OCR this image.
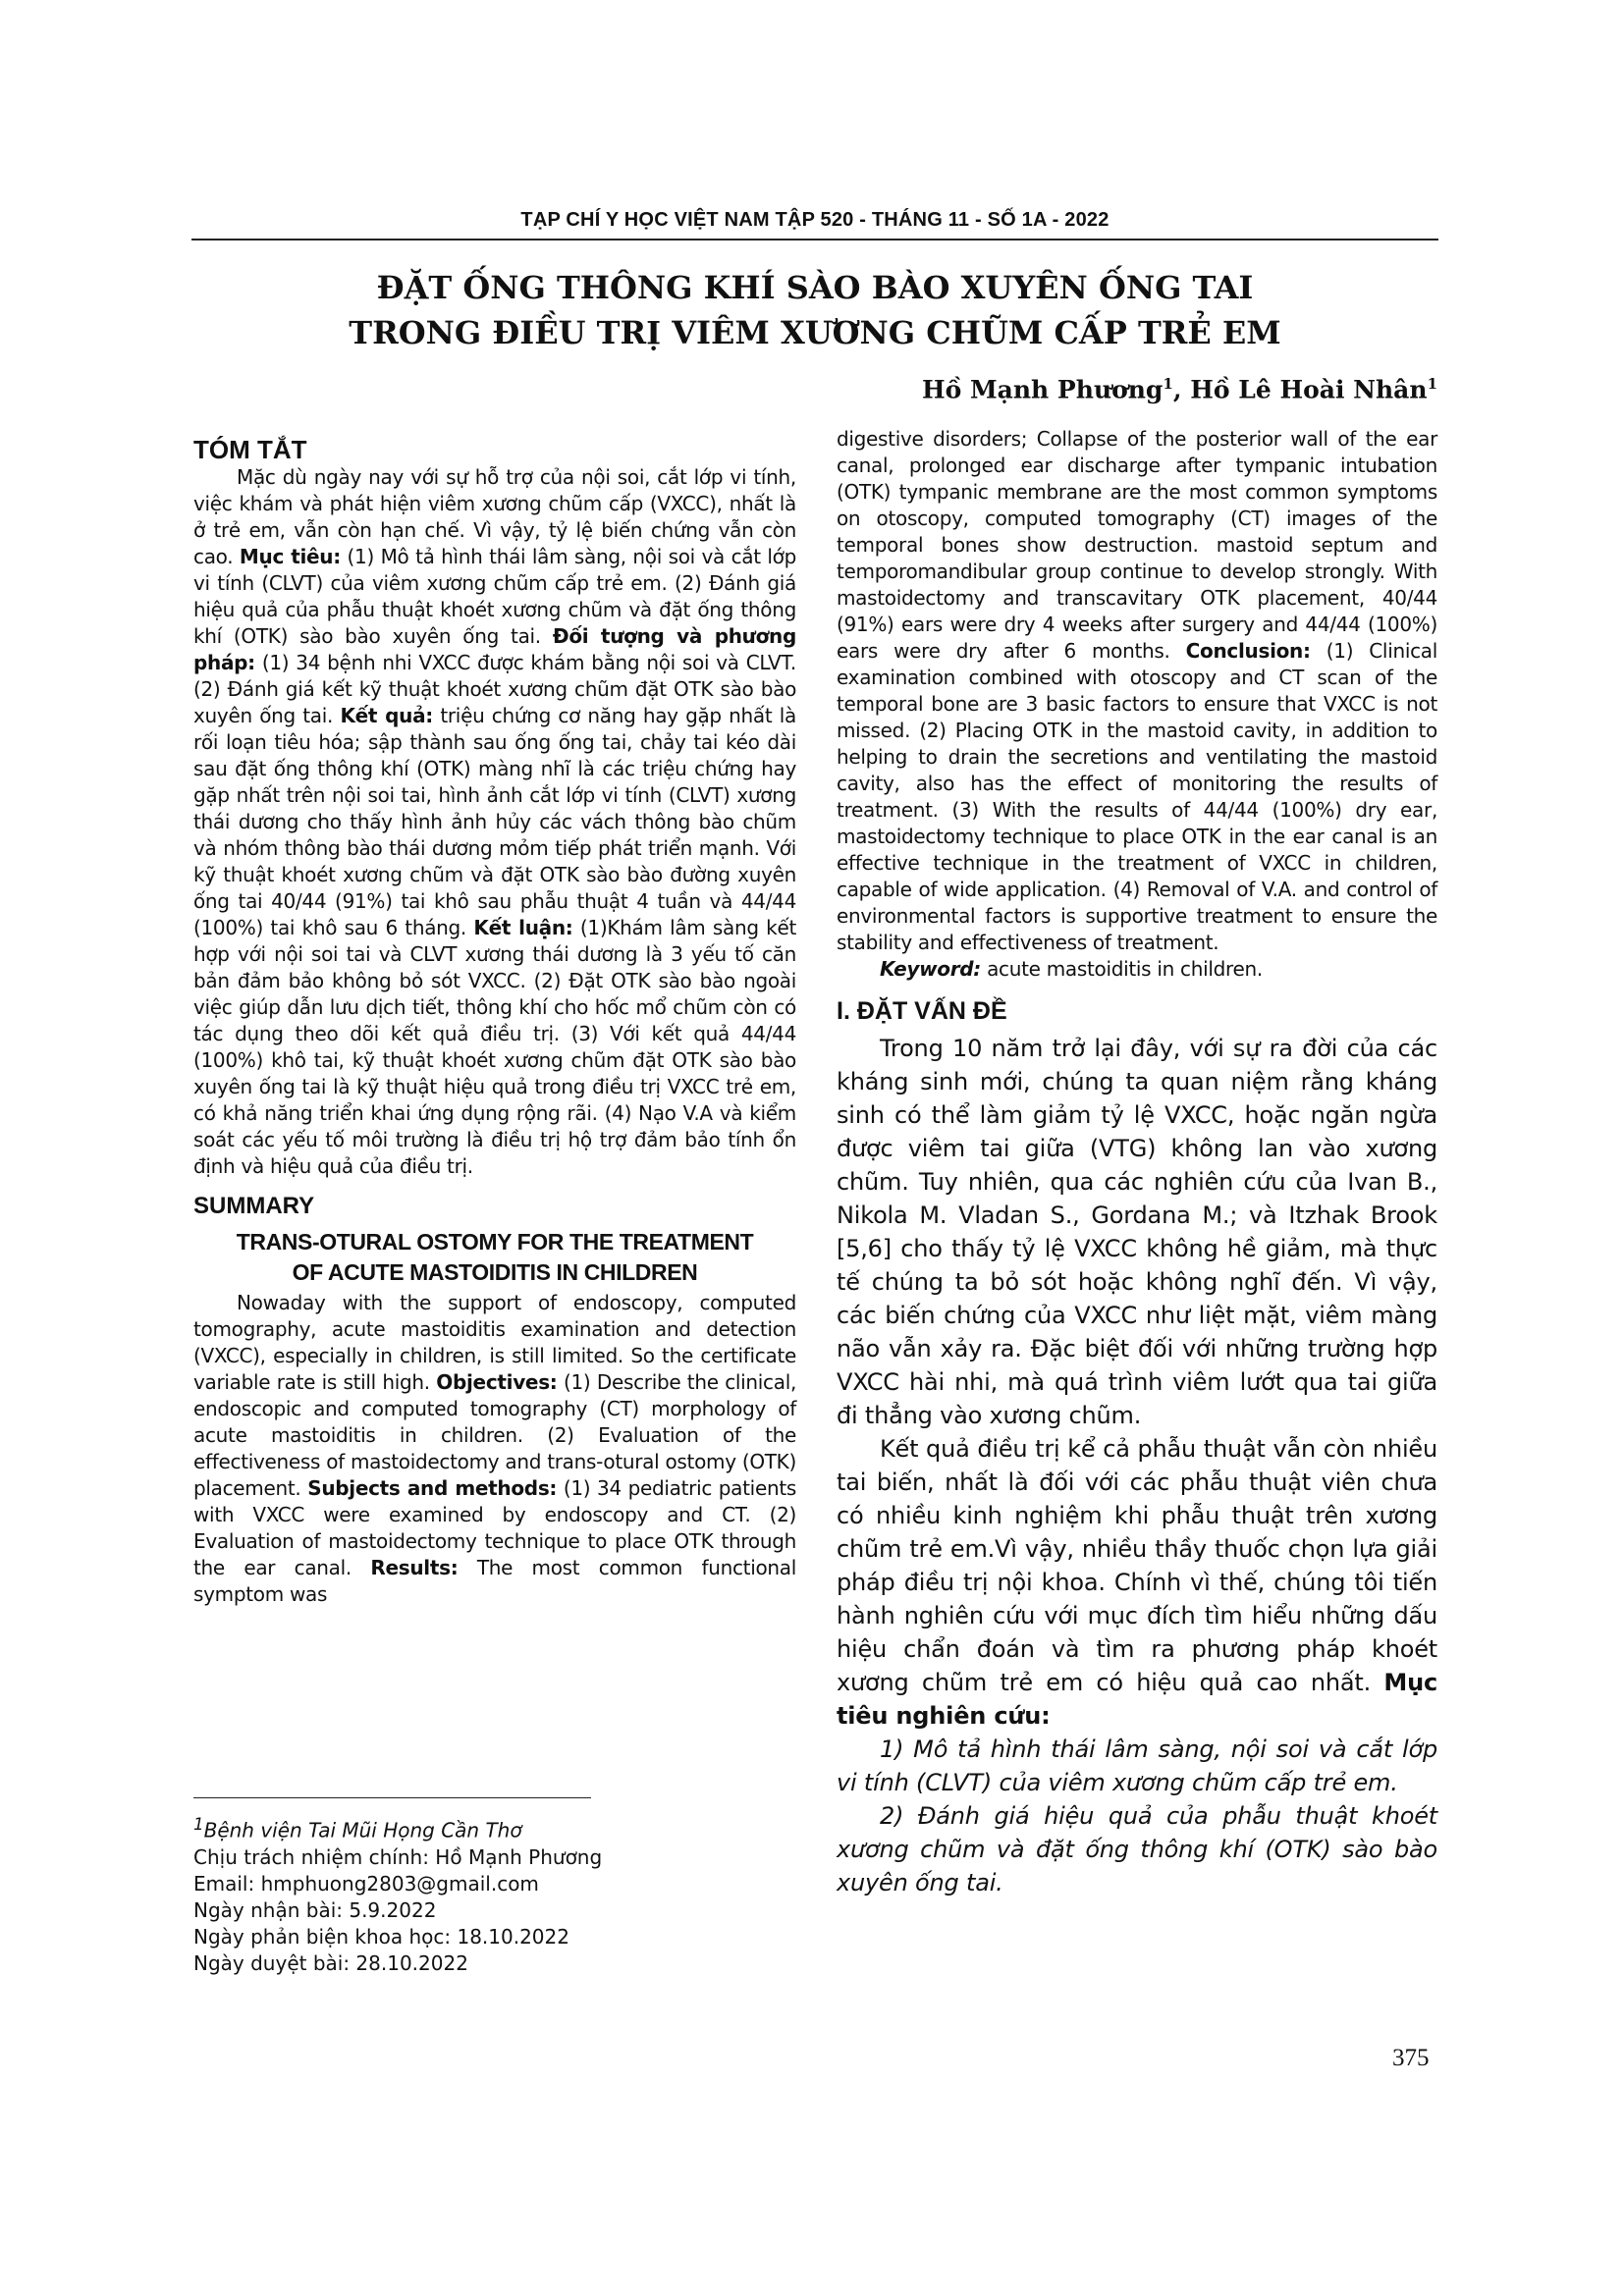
TẠP CHÍ Y HỌC VIỆT NAM TẬP 520 - THÁNG 11 - SỐ 1A - 2022
ĐẶT ỐNG THÔNG KHÍ SÀO BÀO XUYÊN ỐNG TAI
TRONG ĐIỀU TRỊ VIÊM XƯƠNG CHŨM CẤP TRẺ EM
Hồ Mạnh Phương$^1$, Hồ Lê Hoài Nhân$^1$
TÓM TẮT

Mặc dù ngày nay với sự hỗ trợ của nội soi, cắt lớp vi tính, việc khám và phát hiện viêm xương chũm cấp (VXCC), nhất là ở trẻ em, vẫn còn hạn chế. Vì vậy, tỷ lệ biến chứng vẫn còn cao. Mục tiêu: (1) Mô tả hình thái lâm sàng, nội soi và cắt lớp vi tính (CLVT) của viêm xương chũm cấp trẻ em. (2) Đánh giá hiệu quả của phẫu thuật khoét xương chũm và đặt ống thông khí (OTK) sào bào xuyên ống tai. Đối tượng và phương pháp: (1) 34 bệnh nhi VXCC được khám bằng nội soi và CLVT.(2) Đánh giá kết kỹ thuật khoét xương chũm đặt OTK sào bào xuyên ống tai. Kết quả: triệu chứng cơ năng hay gặp nhất là rối loạn tiêu hóa; sập thành sau ống ống tai, chảy tai kéo dài sau đặt ống thông khí (OTK) màng nhĩ là các triệu chứng hay gặp nhất trên nội soi tai, hình ảnh cắt lớp vi tính (CLVT) xương thái dương cho thấy hình ảnh hủy các vách thông bào chũm và nhóm thông bào thái dương mỏm tiếp phát triển mạnh. Với kỹ thuật khoét xương chũm và đặt OTK sào bào đường xuyên ống tai 40/44 (91%) tai khô sau phẫu thuật 4 tuần và 44/44 (100%) tai khô sau 6 tháng. Kết luận: (1)Khám lâm sàng kết hợp với nội soi tai và CLVT xương thái dương là 3 yếu tố căn bản đảm bảo không bỏ sót VXCC. (2) Đặt OTK sào bào ngoài việc giúp dẫn lưu dịch tiết, thông khí cho hốc mổ chũm còn có tác dụng theo dõi kết quả điều trị. (3) Với kết quả 44/44 (100%) khô tai, kỹ thuật khoét xương chũm đặt OTK sào bào xuyên ống tai là kỹ thuật hiệu quả trong điều trị VXCC trẻ em, có khả năng triển khai ứng dụng rộng rãi. (4) Nạo V.A và kiểm soát các yếu tố môi trường là điều trị hộ trợ đảm bảo tính ổn định và hiệu quả của điều trị.

SUMMARY
TRANS-OTURAL OSTOMY FOR THE TREATMENT
OF ACUTE MASTOIDITIS IN CHILDREN

Nowaday with the support of endoscopy, computed tomography, acute mastoiditis examination and detection (VXCC), especially in children, is still limited. So the certificate variable rate is still high. Objectives: (1) Describe the clinical, endoscopic and computed tomography (CT) morphology of acute mastoiditis in children. (2) Evaluation of the effectiveness of mastoidectomy and trans-otural ostomy (OTK) placement. Subjects and methods: (1) 34 pediatric patients with VXCC were examined by endoscopy and CT. (2) Evaluation of mastoidectomy technique to place OTK through the ear canal. Results: The most common functional symptom was

digestive disorders; Collapse of the posterior wall of the ear canal, prolonged ear discharge after tympanic intubation (OTK) tympanic membrane are the most common symptoms on otoscopy, computed tomography (CT) images of the temporal bones show destruction. mastoid septum and temporomandibular group continue to develop strongly. With mastoidectomy and transcavitary OTK placement, 40/44 (91%) ears were dry 4 weeks after surgery and 44/44 (100%) ears were dry after 6 months. Conclusion: (1) Clinical examination combined with otoscopy and CT scan of the temporal bone are 3 basic factors to ensure that VXCC is not missed. (2) Placing OTK in the mastoid cavity, in addition to helping to drain the secretions and ventilating the mastoid cavity, also has the effect of monitoring the results of treatment. (3) With the results of 44/44 (100%) dry ear, mastoidectomy technique to place OTK in the ear canal is an effective technique in the treatment of VXCC in children, capable of wide application. (4) Removal of V.A. and control of environmental factors is supportive treatment to ensure the stability and effectiveness of treatment.

Keyword: acute mastoiditis in children.

I. ĐẶT VẤN ĐỀ

Trong 10 năm trở lại đây, với sự ra đời của các kháng sinh mới, chúng ta quan niệm rằng kháng sinh có thể làm giảm tỷ lệ VXCC, hoặc ngăn ngừa được viêm tai giữa (VTG) không lan vào xương chũm. Tuy nhiên, qua các nghiên cứu của Ivan B., Nikola M. Vladan S., Gordana M.; và Itzhak Brook [5,6] cho thấy tỷ lệ VXCC không hề giảm, mà thực tế chúng ta bỏ sót hoặc không nghĩ đến. Vì vậy, các biến chứng của VXCC như liệt mặt, viêm màng não vẫn xảy ra. Đặc biệt đối với những trường hợp VXCC hài nhi, mà quá trình viêm lướt qua tai giữa đi thẳng vào xương chũm.

Kết quả điều trị kể cả phẫu thuật vẫn còn nhiều tai biến, nhất là đối với các phẫu thuật viên chưa có nhiều kinh nghiệm khi phẫu thuật trên xương chũm trẻ em.Vì vậy, nhiều thầy thuốc chọn lựa giải pháp điều trị nội khoa. Chính vì thế, chúng tôi tiến hành nghiên cứu với mục đích tìm hiểu những dấu hiệu chẩn đoán và tìm ra phương pháp khoét xương chũm trẻ em có hiệu quả cao nhất. Mục tiêu nghiên cứu:

1) Mô tả hình thái lâm sàng, nội soi và cắt lớp vi tính (CLVT) của viêm xương chũm cấp trẻ em.

2) Đánh giá hiệu quả của phẫu thuật khoét xương chũm và đặt ống thông khí (OTK) sào bào xuyên ống tai.

$^1$Bệnh viện Tai Mũi Họng Cần Thơ
Chịu trách nhiệm chính: Hồ Mạnh Phương
Email: hmphuong2803@gmail.com
Ngày nhận bài: 5.9.2022
Ngày phản biện khoa học: 18.10.2022
Ngày duyệt bài: 28.10.2022
375
